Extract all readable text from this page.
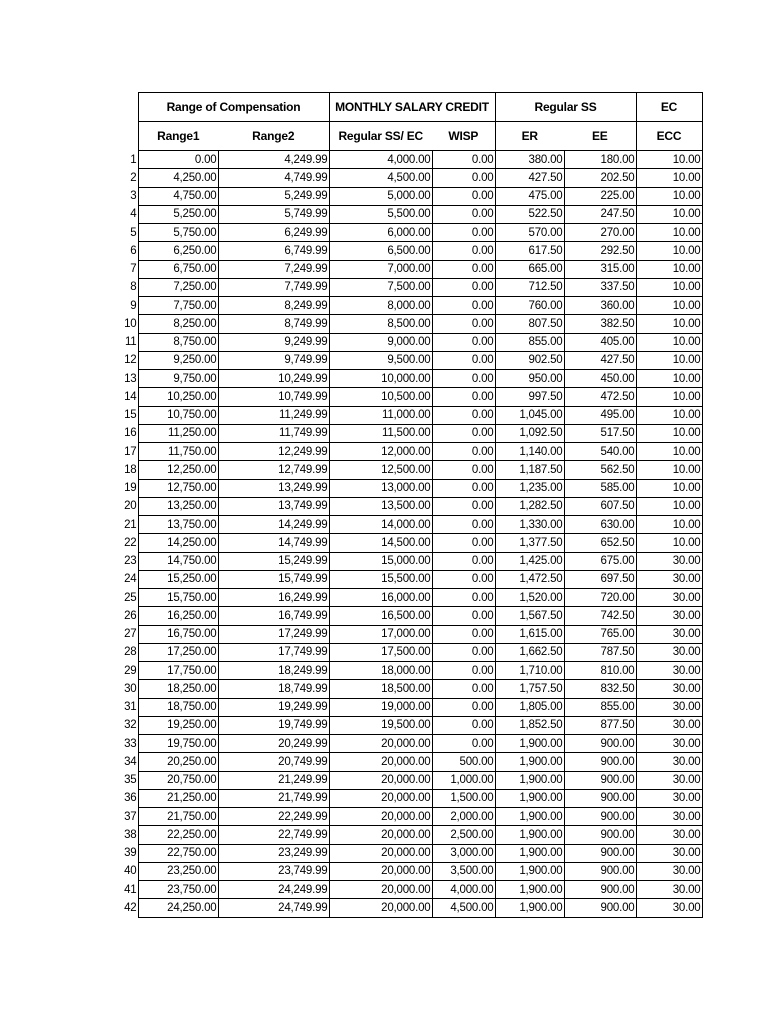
	Range of Compensation		MONTHLY SALARY CREDIT		Regular SS		EC
	Range1	Range2	Regular SS/ EC	WISP	ER	EE	ECC
1	0.00	4,249.99	4,000.00	0.00	380.00	180.00	10.00
2	4,250.00	4,749.99	4,500.00	0.00	427.50	202.50	10.00
3	4,750.00	5,249.99	5,000.00	0.00	475.00	225.00	10.00
4	5,250.00	5,749.99	5,500.00	0.00	522.50	247.50	10.00
5	5,750.00	6,249.99	6,000.00	0.00	570.00	270.00	10.00
6	6,250.00	6,749.99	6,500.00	0.00	617.50	292.50	10.00
7	6,750.00	7,249.99	7,000.00	0.00	665.00	315.00	10.00
8	7,250.00	7,749.99	7,500.00	0.00	712.50	337.50	10.00
9	7,750.00	8,249.99	8,000.00	0.00	760.00	360.00	10.00
10	8,250.00	8,749.99	8,500.00	0.00	807.50	382.50	10.00
11	8,750.00	9,249.99	9,000.00	0.00	855.00	405.00	10.00
12	9,250.00	9,749.99	9,500.00	0.00	902.50	427.50	10.00
13	9,750.00	10,249.99	10,000.00	0.00	950.00	450.00	10.00
14	10,250.00	10,749.99	10,500.00	0.00	997.50	472.50	10.00
15	10,750.00	11,249.99	11,000.00	0.00	1,045.00	495.00	10.00
16	11,250.00	11,749.99	11,500.00	0.00	1,092.50	517.50	10.00
17	11,750.00	12,249.99	12,000.00	0.00	1,140.00	540.00	10.00
18	12,250.00	12,749.99	12,500.00	0.00	1,187.50	562.50	10.00
19	12,750.00	13,249.99	13,000.00	0.00	1,235.00	585.00	10.00
20	13,250.00	13,749.99	13,500.00	0.00	1,282.50	607.50	10.00
21	13,750.00	14,249.99	14,000.00	0.00	1,330.00	630.00	10.00
22	14,250.00	14,749.99	14,500.00	0.00	1,377.50	652.50	10.00
23	14,750.00	15,249.99	15,000.00	0.00	1,425.00	675.00	30.00
24	15,250.00	15,749.99	15,500.00	0.00	1,472.50	697.50	30.00
25	15,750.00	16,249.99	16,000.00	0.00	1,520.00	720.00	30.00
26	16,250.00	16,749.99	16,500.00	0.00	1,567.50	742.50	30.00
27	16,750.00	17,249.99	17,000.00	0.00	1,615.00	765.00	30.00
28	17,250.00	17,749.99	17,500.00	0.00	1,662.50	787.50	30.00
29	17,750.00	18,249.99	18,000.00	0.00	1,710.00	810.00	30.00
30	18,250.00	18,749.99	18,500.00	0.00	1,757.50	832.50	30.00
31	18,750.00	19,249.99	19,000.00	0.00	1,805.00	855.00	30.00
32	19,250.00	19,749.99	19,500.00	0.00	1,852.50	877.50	30.00
33	19,750.00	20,249.99	20,000.00	0.00	1,900.00	900.00	30.00
34	20,250.00	20,749.99	20,000.00	500.00	1,900.00	900.00	30.00
35	20,750.00	21,249.99	20,000.00	1,000.00	1,900.00	900.00	30.00
36	21,250.00	21,749.99	20,000.00	1,500.00	1,900.00	900.00	30.00
37	21,750.00	22,249.99	20,000.00	2,000.00	1,900.00	900.00	30.00
38	22,250.00	22,749.99	20,000.00	2,500.00	1,900.00	900.00	30.00
39	22,750.00	23,249.99	20,000.00	3,000.00	1,900.00	900.00	30.00
40	23,250.00	23,749.99	20,000.00	3,500.00	1,900.00	900.00	30.00
41	23,750.00	24,249.99	20,000.00	4,000.00	1,900.00	900.00	30.00
42	24,250.00	24,749.99	20,000.00	4,500.00	1,900.00	900.00	30.00
